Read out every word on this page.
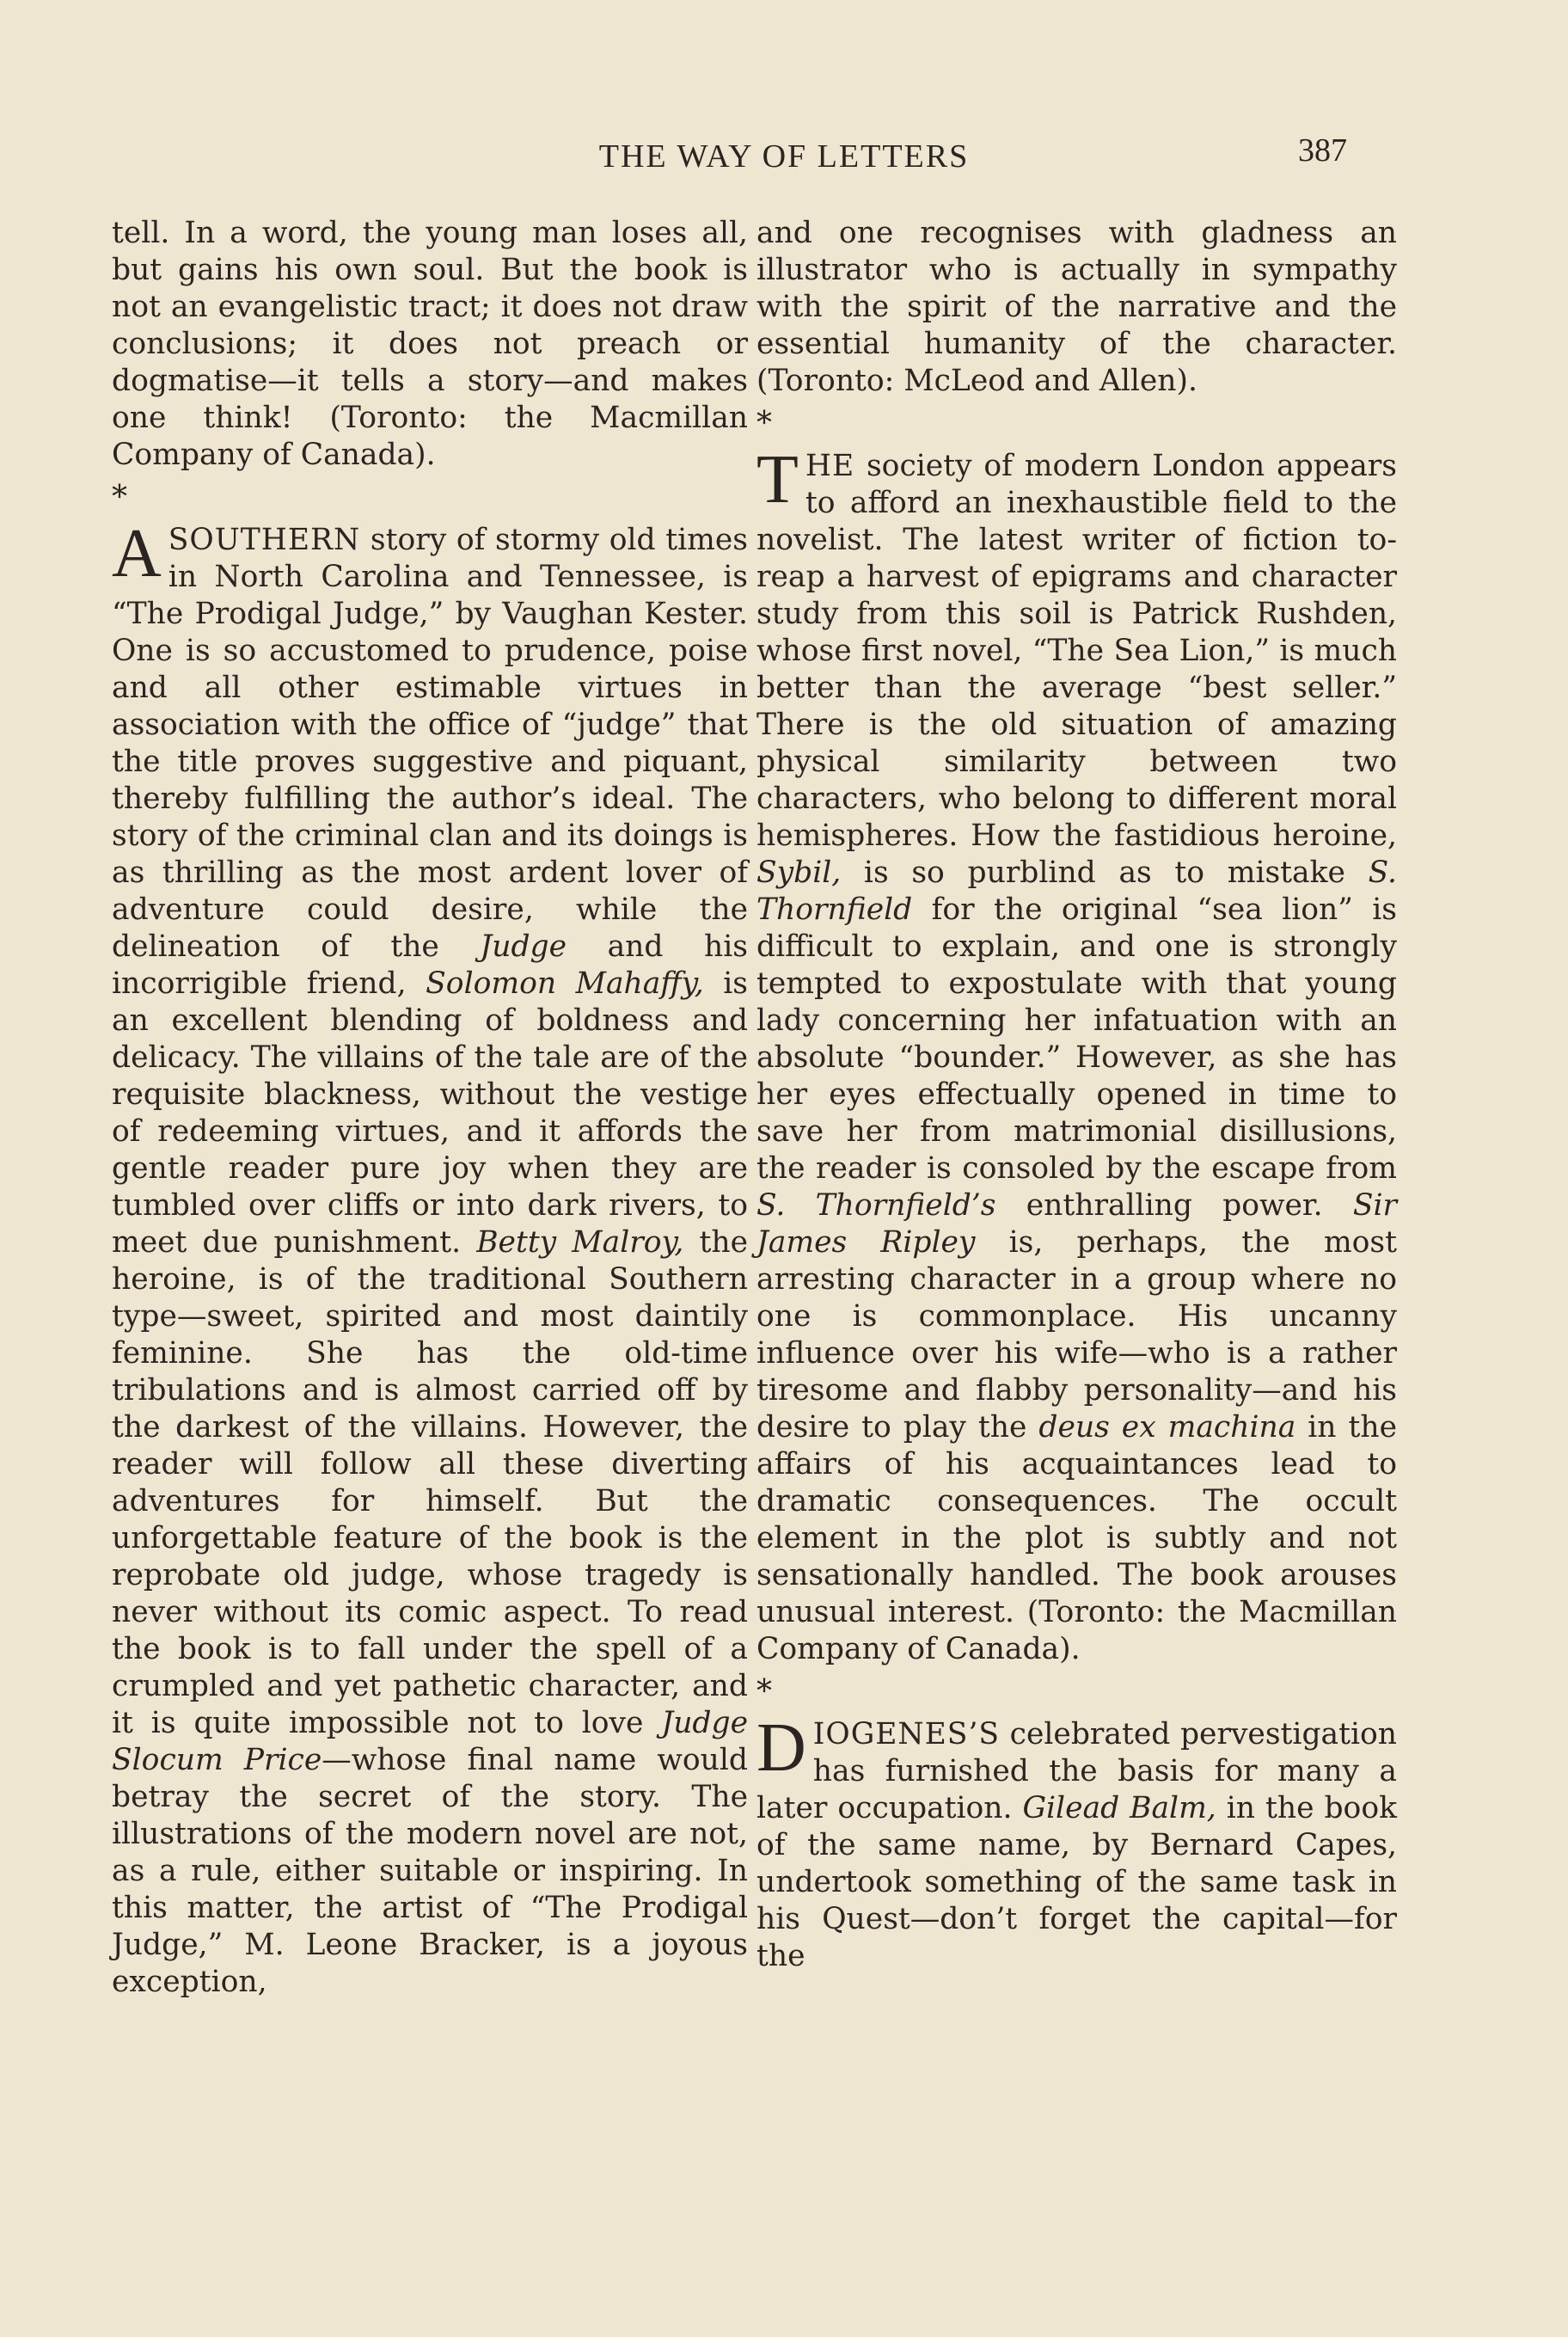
THE WAY OF LETTERS	387

tell. In a word, the young man loses all, but gains his own soul. But the book is not an evangelistic tract; it does not draw conclusions; it does not preach or dogmatise—it tells a story—and makes one think! (Toronto: the Macmillan Company of Canada).

*

ASOUTHERN story of stormy old times in North Carolina and Tennessee, is “The Prodigal Judge,” by Vaughan Kester. One is so accustomed to prudence, poise and all other estimable virtues in association with the office of “judge” that the title proves suggestive and piquant, thereby fulfilling the author’s ideal. The story of the criminal clan and its doings is as thrilling as the most ardent lover of adventure could desire, while the delineation of the Judge and his incorrigible friend, Solomon Mahaffy, is an excellent blending of boldness and delicacy. The villains of the tale are of the requisite blackness, without the vestige of redeeming virtues, and it affords the gentle reader pure joy when they are tumbled over cliffs or into dark rivers, to meet due punishment. Betty Malroy, the heroine, is of the traditional Southern type—sweet, spirited and most daintily feminine. She has the old-time tribulations and is almost carried off by the darkest of the villains. However, the reader will follow all these diverting adventures for himself. But the unforgettable feature of the book is the reprobate old judge, whose tragedy is never without its comic aspect. To read the book is to fall under the spell of a crumpled and yet pathetic character, and it is quite impossible not to love Judge Slocum Price—whose final name would betray the secret of the story. The illustrations of the modern novel are not, as a rule, either suitable or inspiring. In this matter, the artist of “The Prodigal Judge,” M. Leone Bracker, is a joyous exception,

and one recognises with gladness an illustrator who is actually in sympathy with the spirit of the narrative and the essential humanity of the character. (Toronto: McLeod and Allen).

*

THE society of modern London appears to afford an inexhaustible field to the novelist. The latest writer of fiction to- reap a harvest of epigrams and character study from this soil is Patrick Rushden, whose first novel, “The Sea Lion,” is much better than the average “best seller.” There is the old situation of amazing physical similarity between two characters, who belong to different moral hemispheres. How the fastidious heroine, Sybil, is so purblind as to mistake S. Thornfield for the original “sea lion” is difficult to explain, and one is strongly tempted to expostulate with that young lady concerning her infatuation with an absolute “bounder.” However, as she has her eyes effectually opened in time to save her from matrimonial disillusions, the reader is consoled by the escape from S. Thornfield’s enthralling power. Sir James Ripley is, perhaps, the most arresting character in a group where no one is commonplace. His uncanny influence over his wife—who is a rather tiresome and flabby personality—and his desire to play the deus ex machina in the affairs of his acquaintances lead to dramatic consequences. The occult element in the plot is subtly and not sensationally handled. The book arouses unusual interest. (Toronto: the Macmillan Company of Canada).

*

DIOGENES’S celebrated pervestigation has furnished the basis for many a later occupation. Gilead Balm, in the book of the same name, by Bernard Capes, undertook something of the same task in his Quest—don’t forget the capital—for the
